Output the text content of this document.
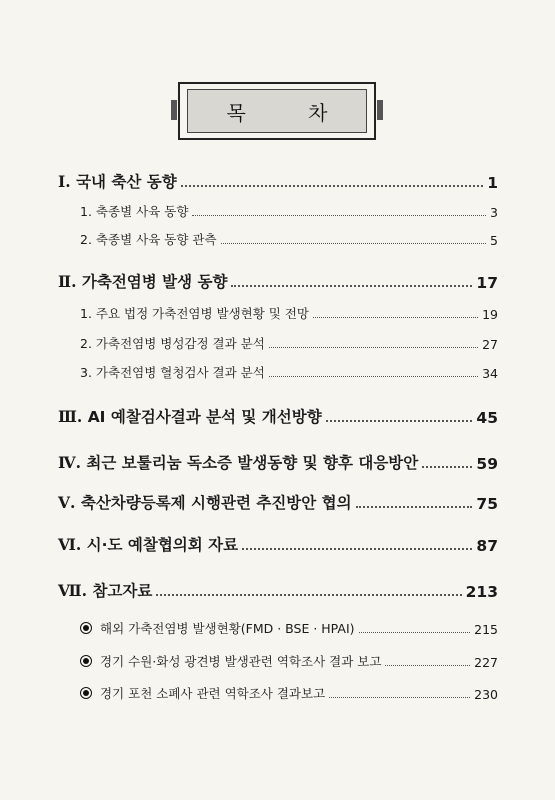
목 차
Ⅰ. 국내 축산 동향	1
1. 축종별 사육 동향	3
2. 축종별 사육 동향 관측	5
Ⅱ. 가축전염병 발생 동향	17
1. 주요 법정 가축전염병 발생현황 및 전망	19
2. 가축전염병 병성감정 결과 분석	27
3. 가축전염병 혈청검사 결과 분석	34
Ⅲ. AI 예찰검사결과 분석 및 개선방향	45
Ⅳ. 최근 보툴리눔 독소증 발생동향 및 향후 대응방안	59
Ⅴ. 축산차량등록제 시행관련 추진방안 협의	75
Ⅵ. 시·도 예찰협의회 자료	87
Ⅶ. 참고자료	213
해외 가축전염병 발생현황(FMD · BSE · HPAI)	215
경기 수원·화성 광견병 발생관련 역학조사 결과 보고	227
경기 포천 소폐사 관련 역학조사 결과보고	230
